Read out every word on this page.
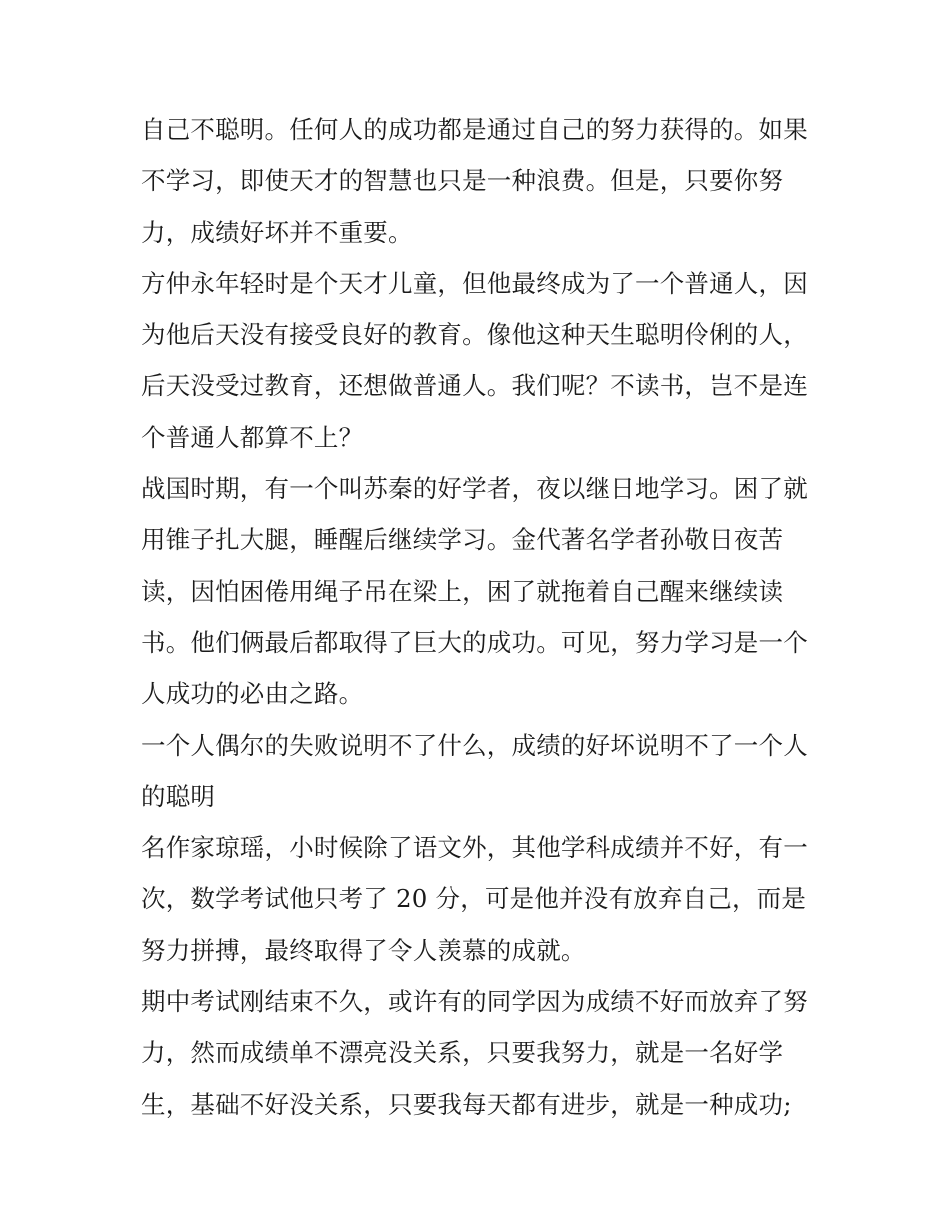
自己不聪明。任何人的成功都是通过自己的努力获得的。如果
不学习，即使天才的智慧也只是一种浪费。但是，只要你努
力，成绩好坏并不重要。
方仲永年轻时是个天才儿童，但他最终成为了一个普通人，因
为他后天没有接受良好的教育。像他这种天生聪明伶俐的人，
后天没受过教育，还想做普通人。我们呢？不读书，岂不是连
个普通人都算不上？
战国时期，有一个叫苏秦的好学者，夜以继日地学习。困了就
用锥子扎大腿，睡醒后继续学习。金代著名学者孙敬日夜苦
读，因怕困倦用绳子吊在梁上，困了就拖着自己醒来继续读
书。他们俩最后都取得了巨大的成功。可见，努力学习是一个
人成功的必由之路。
一个人偶尔的失败说明不了什么，成绩的好坏说明不了一个人
的聪明
名作家琼瑶，小时候除了语文外，其他学科成绩并不好，有一
次，数学考试他只考了 20 分，可是他并没有放弃自己，而是
努力拼搏，最终取得了令人羡慕的成就。
期中考试刚结束不久，或许有的同学因为成绩不好而放弃了努
力，然而成绩单不漂亮没关系，只要我努力，就是一名好学
生，基础不好没关系，只要我每天都有进步，就是一种成功;
